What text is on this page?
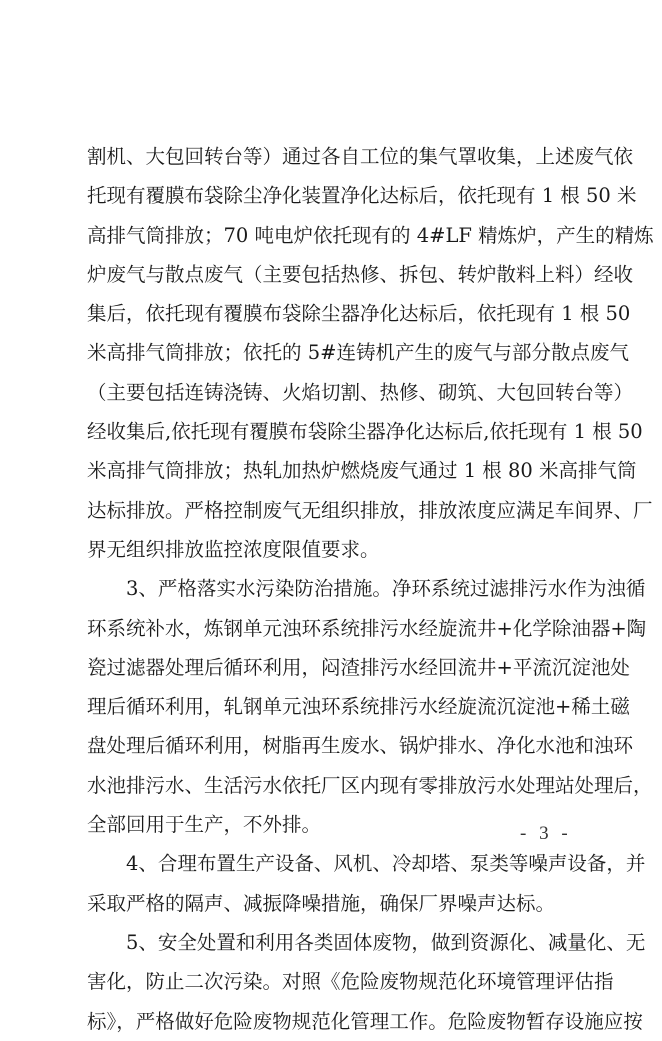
割机、大包回转台等）通过各自工位的集气罩收集，上述废气依
托现有覆膜布袋除尘净化装置净化达标后，依托现有 1 根 50 米
高排气筒排放；70 吨电炉依托现有的 4#LF 精炼炉，产生的精炼
炉废气与散点废气（主要包括热修、拆包、转炉散料上料）经收
集后，依托现有覆膜布袋除尘器净化达标后，依托现有 1 根 50
米高排气筒排放；依托的 5#连铸机产生的废气与部分散点废气
（主要包括连铸浇铸、火焰切割、热修、砌筑、大包回转台等）
经收集后,依托现有覆膜布袋除尘器净化达标后,依托现有 1 根 50
米高排气筒排放；热轧加热炉燃烧废气通过 1 根 80 米高排气筒
达标排放。严格控制废气无组织排放，排放浓度应满足车间界、厂
界无组织排放监控浓度限值要求。
3、严格落实水污染防治措施。净环系统过滤排污水作为浊循
环系统补水，炼钢单元浊环系统排污水经旋流井+化学除油器+陶
瓷过滤器处理后循环利用，闷渣排污水经回流井+平流沉淀池处
理后循环利用，轧钢单元浊环系统排污水经旋流沉淀池+稀土磁
盘处理后循环利用，树脂再生废水、锅炉排水、净化水池和浊环
水池排污水、生活污水依托厂区内现有零排放污水处理站处理后，
全部回用于生产，不外排。
4、合理布置生产设备、风机、冷却塔、泵类等噪声设备，并
采取严格的隔声、减振降噪措施，确保厂界噪声达标。
5、安全处置和利用各类固体废物，做到资源化、减量化、无
害化，防止二次污染。对照《危险废物规范化环境管理评估指
标》，严格做好危险废物规范化管理工作。危险废物暂存设施应按
- 3 -
